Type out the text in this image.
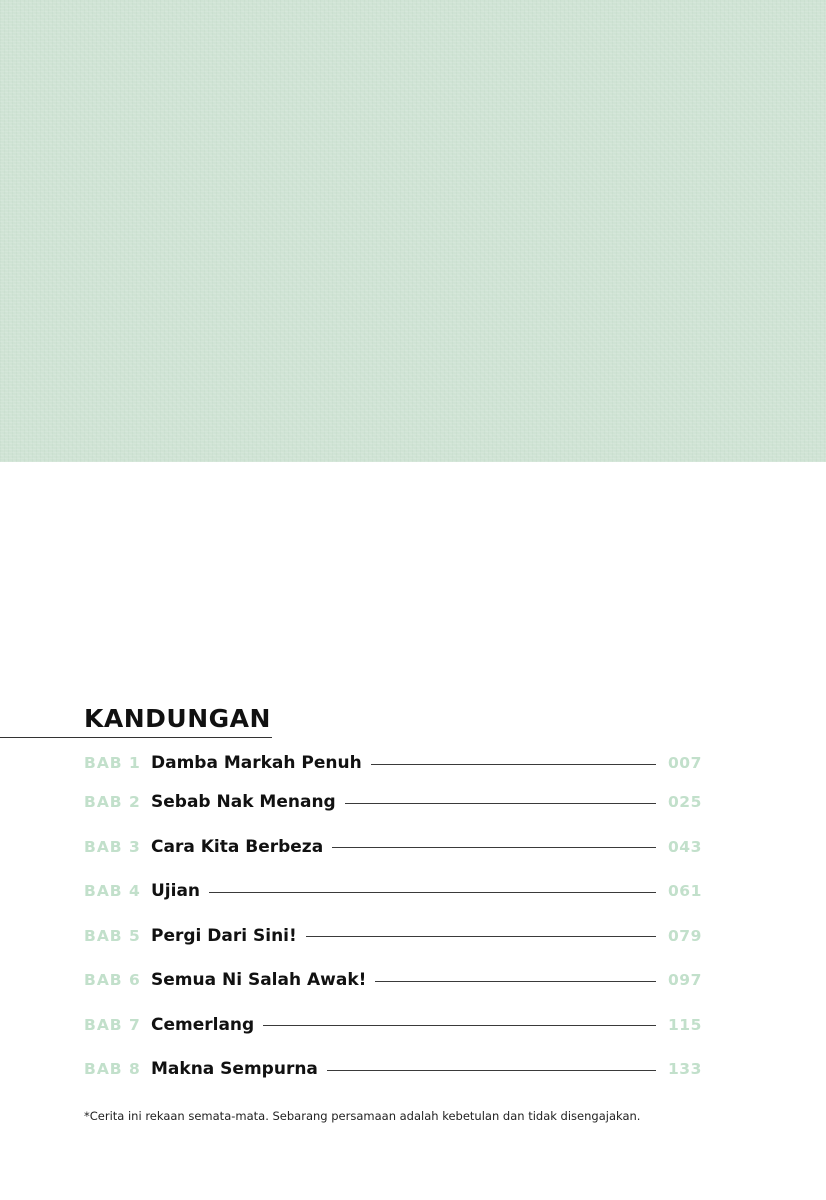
KANDUNGAN
BAB 1 Damba Markah Penuh	007
BAB 2 Sebab Nak Menang	025
BAB 3 Cara Kita Berbeza	043
BAB 4 Ujian	061
BAB 5 Pergi Dari Sini!	079
BAB 6 Semua Ni Salah Awak!	097
BAB 7 Cemerlang	115
BAB 8 Makna Sempurna	133

*Cerita ini rekaan semata-mata. Sebarang persamaan adalah kebetulan dan tidak disengajakan.
